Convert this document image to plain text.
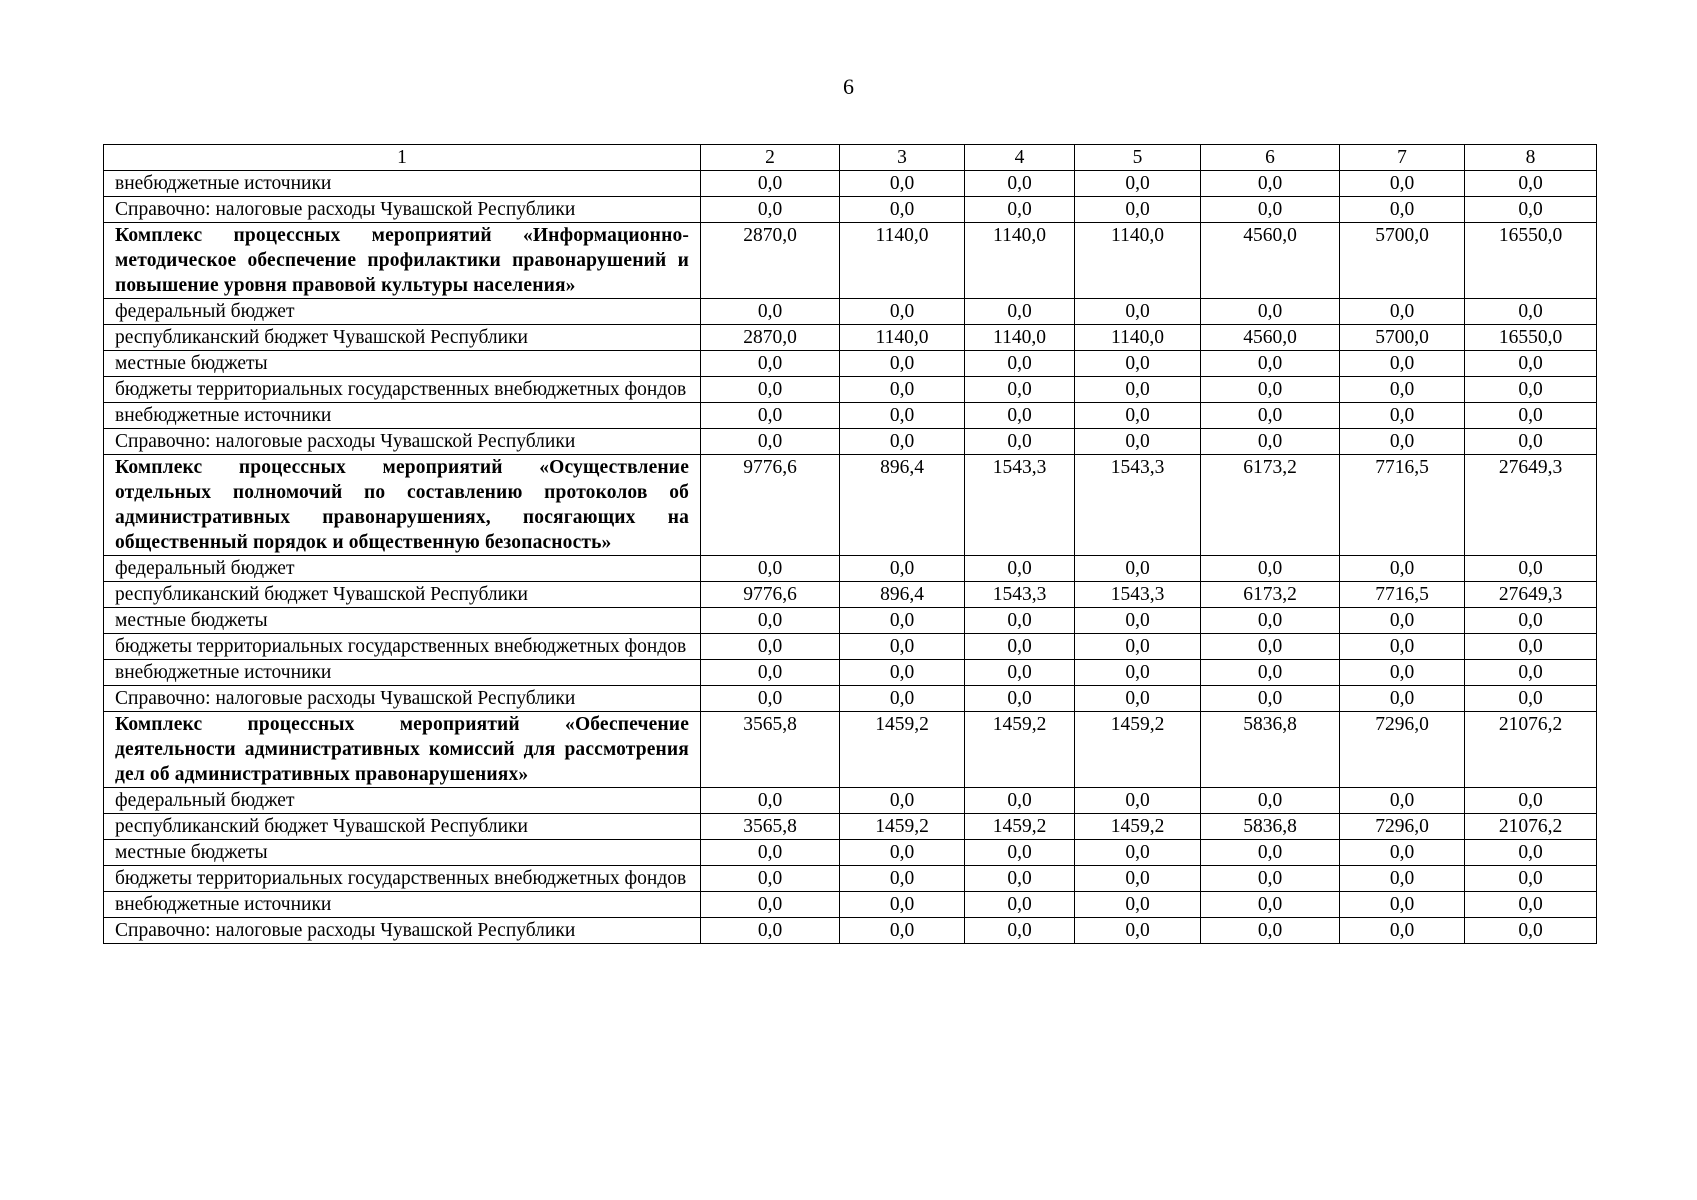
6
1	2	3	4	5	6	7	8
внебюджетные источники	0,0	0,0	0,0	0,0	0,0	0,0	0,0
Справочно: налоговые расходы Чувашской Республики	0,0	0,0	0,0	0,0	0,0	0,0	0,0
Комплекс процессных мероприятий «Информационно-методическое обеспечение профилактики правонарушений и повышение уровня правовой культуры населения»	2870,0	1140,0	1140,0	1140,0	4560,0	5700,0	16550,0
федеральный бюджет	0,0	0,0	0,0	0,0	0,0	0,0	0,0
республиканский бюджет Чувашской Республики	2870,0	1140,0	1140,0	1140,0	4560,0	5700,0	16550,0
местные бюджеты	0,0	0,0	0,0	0,0	0,0	0,0	0,0
бюджеты территориальных государственных внебюджетных фондов	0,0	0,0	0,0	0,0	0,0	0,0	0,0
внебюджетные источники	0,0	0,0	0,0	0,0	0,0	0,0	0,0
Справочно: налоговые расходы Чувашской Республики	0,0	0,0	0,0	0,0	0,0	0,0	0,0
Комплекс процессных мероприятий «Осуществление отдельных полномочий по составлению протоколов об административных правонарушениях, посягающих на общественный порядок и общественную безопасность»	9776,6	896,4	1543,3	1543,3	6173,2	7716,5	27649,3
федеральный бюджет	0,0	0,0	0,0	0,0	0,0	0,0	0,0
республиканский бюджет Чувашской Республики	9776,6	896,4	1543,3	1543,3	6173,2	7716,5	27649,3
местные бюджеты	0,0	0,0	0,0	0,0	0,0	0,0	0,0
бюджеты территориальных государственных внебюджетных фондов	0,0	0,0	0,0	0,0	0,0	0,0	0,0
внебюджетные источники	0,0	0,0	0,0	0,0	0,0	0,0	0,0
Справочно: налоговые расходы Чувашской Республики	0,0	0,0	0,0	0,0	0,0	0,0	0,0
Комплекс процессных мероприятий «Обеспечение деятельности административных комиссий для рассмотрения дел об административных правонарушениях»	3565,8	1459,2	1459,2	1459,2	5836,8	7296,0	21076,2
федеральный бюджет	0,0	0,0	0,0	0,0	0,0	0,0	0,0
республиканский бюджет Чувашской Республики	3565,8	1459,2	1459,2	1459,2	5836,8	7296,0	21076,2
местные бюджеты	0,0	0,0	0,0	0,0	0,0	0,0	0,0
бюджеты территориальных государственных внебюджетных фондов	0,0	0,0	0,0	0,0	0,0	0,0	0,0
внебюджетные источники	0,0	0,0	0,0	0,0	0,0	0,0	0,0
Справочно: налоговые расходы Чувашской Республики	0,0	0,0	0,0	0,0	0,0	0,0	0,0
